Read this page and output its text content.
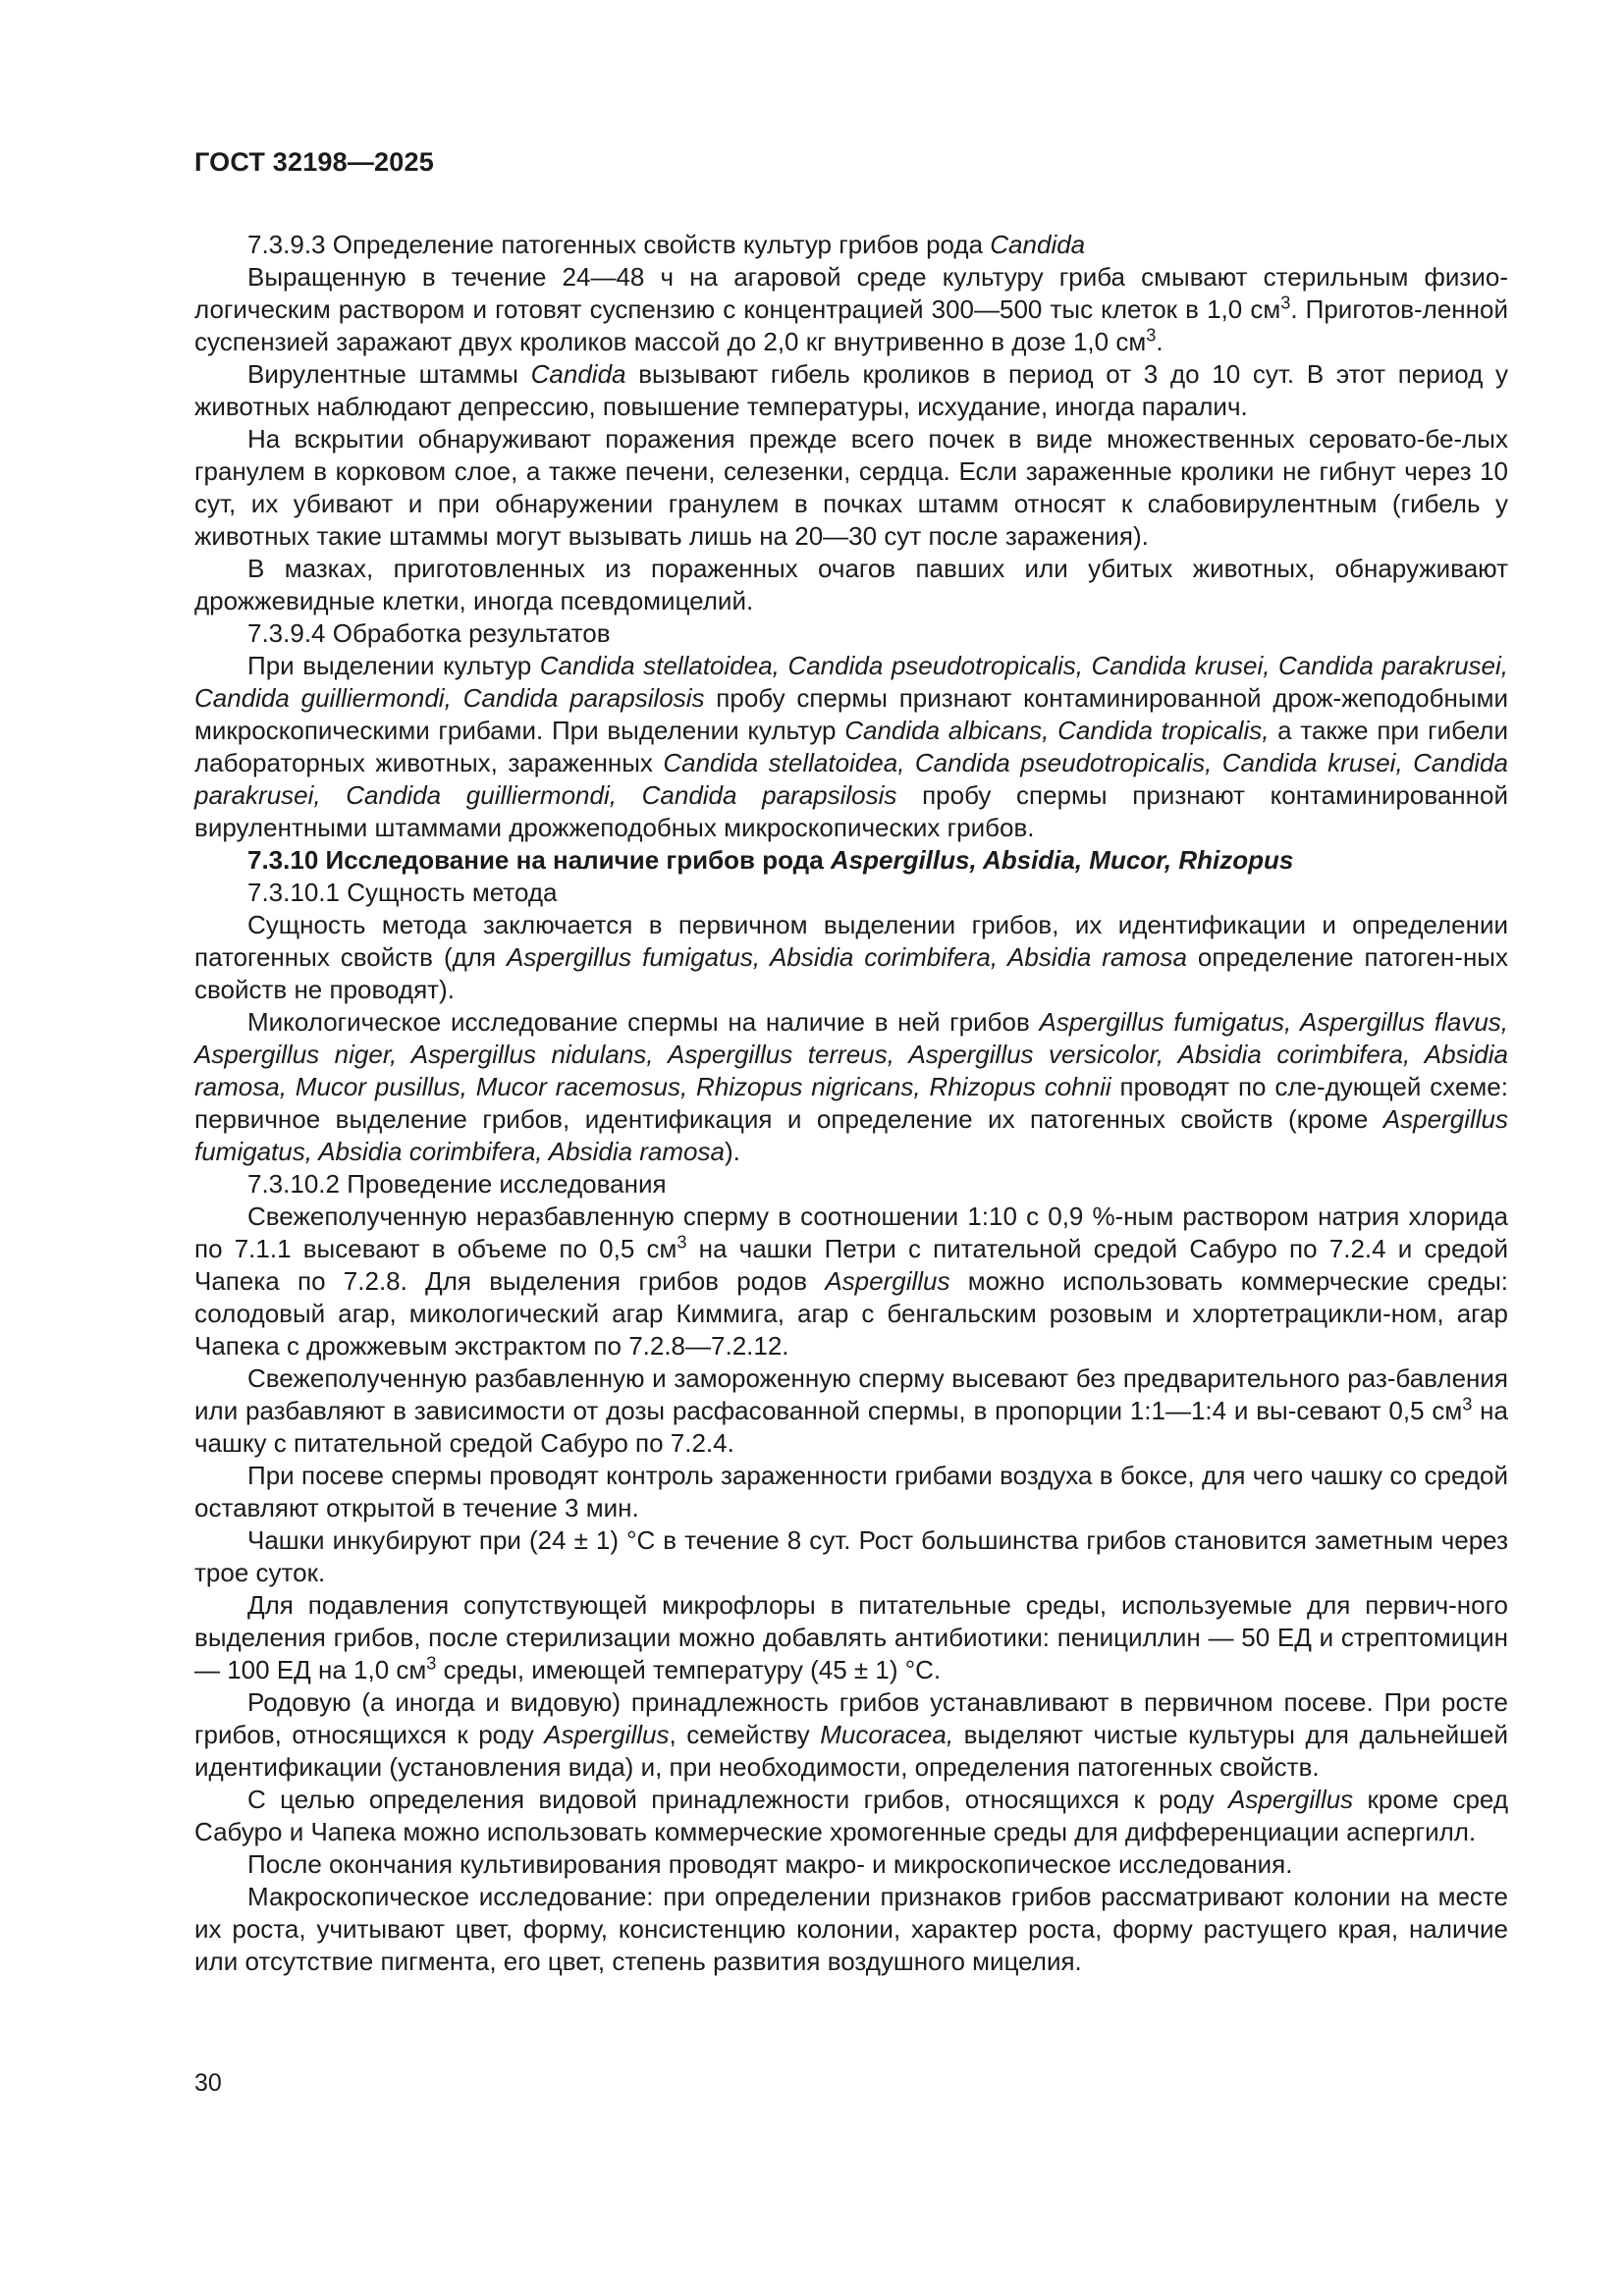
ГОСТ 32198—2025

7.3.9.3 Определение патогенных свойств культур грибов рода Candida

Выращенную в течение 24—48 ч на агаровой среде культуру гриба смывают стерильным физио-логическим раствором и готовят суспензию с концентрацией 300—500 тыс клеток в 1,0 $см^3$. Приготов-ленной суспензией заражают двух кроликов массой до 2,0 кг внутривенно в дозе 1,0 $см^3$.

Вирулентные штаммы Candida вызывают гибель кроликов в период от 3 до 10 сут. В этот период у животных наблюдают депрессию, повышение температуры, исхудание, иногда паралич.

На вскрытии обнаруживают поражения прежде всего почек в виде множественных серовато-бе-лых гранулем в корковом слое, а также печени, селезенки, сердца. Если зараженные кролики не гибнут через 10 сут, их убивают и при обнаружении гранулем в почках штамм относят к слабовирулентным (гибель у животных такие штаммы могут вызывать лишь на 20—30 сут после заражения).

В мазках, приготовленных из пораженных очагов павших или убитых животных, обнаруживают дрожжевидные клетки, иногда псевдомицелий.

7.3.9.4 Обработка результатов

При выделении культур Candida stellatoidea, Candida pseudotropicalis, Candida krusei, Candida parakrusei, Candida guilliermondi, Candida parapsilosis пробу спермы признают контаминированной дрож-жеподобными микроскопическими грибами. При выделении культур Candida albicans, Candida tropicalis, а также при гибели лабораторных животных, зараженных Candida stellatoidea, Candida pseudotropicalis, Candida krusei, Candida parakrusei, Candida guilliermondi, Candida parapsilosis пробу спермы признают контаминированной вирулентными штаммами дрожжеподобных микроскопических грибов.

7.3.10 Исследование на наличие грибов рода Aspergillus, Absidia, Mucor, Rhizopus

7.3.10.1 Сущность метода

Сущность метода заключается в первичном выделении грибов, их идентификации и определении патогенных свойств (для Aspergillus fumigatus, Absidia corimbifera, Absidia ramosa определение патоген-ных свойств не проводят).

Микологическое исследование спермы на наличие в ней грибов Aspergillus fumigatus, Aspergillus flavus, Aspergillus niger, Aspergillus nidulans, Aspergillus terreus, Aspergillus versicolor, Absidia corimbifera, Absidia ramosa, Mucor pusillus, Mucor racemosus, Rhizopus nigricans, Rhizopus cohnii проводят по сле-дующей схеме: первичное выделение грибов, идентификация и определение их патогенных свойств (кроме Aspergillus fumigatus, Absidia corimbifera, Absidia ramosa).

7.3.10.2 Проведение исследования

Свежеполученную неразбавленную сперму в соотношении 1:10 с 0,9 %-ным раствором натрия хлорида по 7.1.1 высевают в объеме по 0,5 $см^3$ на чашки Петри с питательной средой Сабуро по 7.2.4 и средой Чапека по 7.2.8. Для выделения грибов родов Aspergillus можно использовать коммерческие среды: солодовый агар, микологический агар Киммига, агар с бенгальским розовым и хлортетрацикли-ном, агар Чапека с дрожжевым экстрактом по 7.2.8—7.2.12.

Свежеполученную разбавленную и замороженную сперму высевают без предварительного раз-бавления или разбавляют в зависимости от дозы расфасованной спермы, в пропорции 1:1—1:4 и вы-севают 0,5 $см^3$ на чашку с питательной средой Сабуро по 7.2.4.

При посеве спермы проводят контроль зараженности грибами воздуха в боксе, для чего чашку со средой оставляют открытой в течение 3 мин.

Чашки инкубируют при (24 ± 1) °С в течение 8 сут. Рост большинства грибов становится заметным через трое суток.

Для подавления сопутствующей микрофлоры в питательные среды, используемые для первич-ного выделения грибов, после стерилизации можно добавлять антибиотики: пенициллин — 50 ЕД и стрептомицин — 100 ЕД на 1,0 $см^3$ среды, имеющей температуру (45 ± 1) °С.

Родовую (а иногда и видовую) принадлежность грибов устанавливают в первичном посеве. При росте грибов, относящихся к роду Aspergillus, семейству Mucoracea, выделяют чистые культуры для дальнейшей идентификации (установления вида) и, при необходимости, определения патогенных свойств.

С целью определения видовой принадлежности грибов, относящихся к роду Aspergillus кроме сред Сабуро и Чапека можно использовать коммерческие хромогенные среды для дифференциации аспергилл.

После окончания культивирования проводят макро- и микроскопическое исследования.

Макроскопическое исследование: при определении признаков грибов рассматривают колонии на месте их роста, учитывают цвет, форму, консистенцию колонии, характер роста, форму растущего края, наличие или отсутствие пигмента, его цвет, степень развития воздушного мицелия.

30
